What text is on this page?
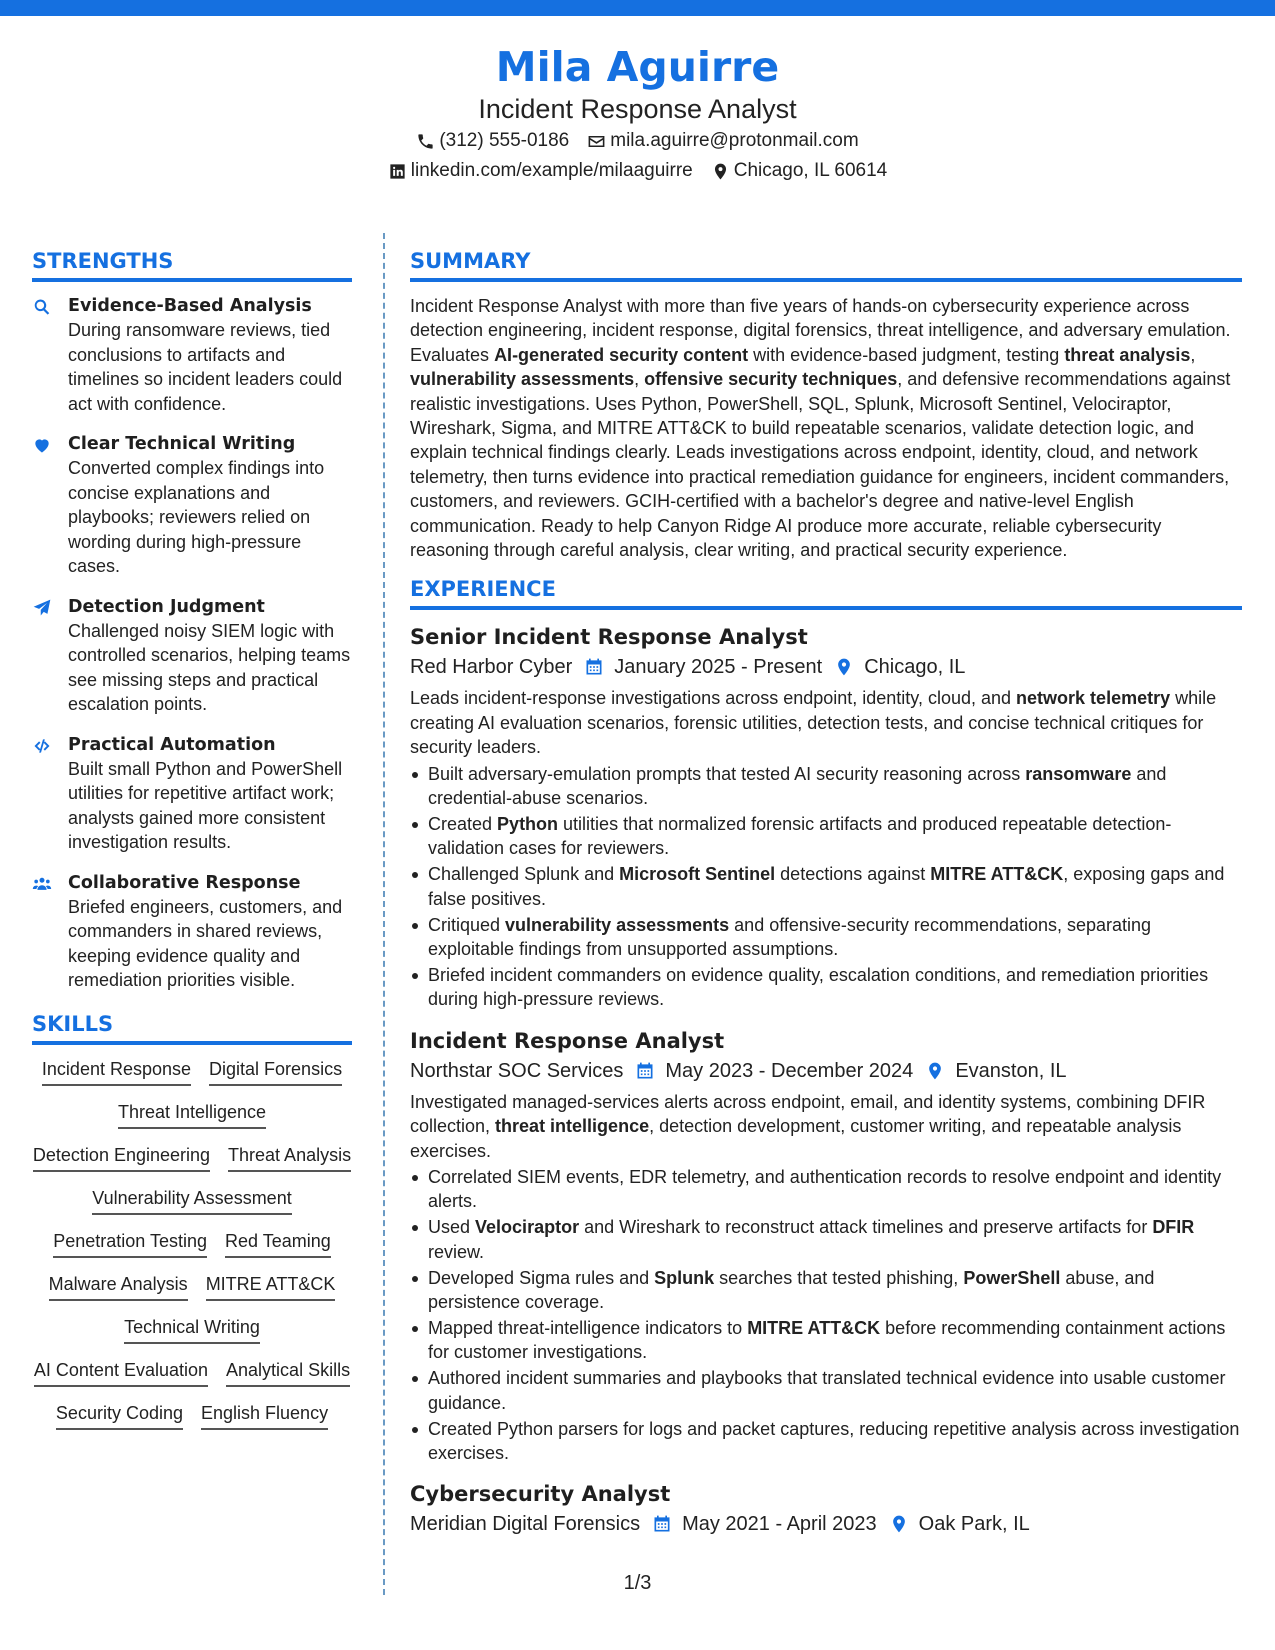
Mila Aguirre
Incident Response Analyst
(312) 555-0186 mila.aguirre@protonmail.com
linkedin.com/example/milaaguirre Chicago, IL 60614
STRENGTHS
Evidence-Based Analysis
During ransomware reviews, tied conclusions to artifacts and timelines so incident leaders could act with confidence.
Clear Technical Writing
Converted complex findings into concise explanations and playbooks; reviewers relied on wording during high-pressure cases.
Detection Judgment
Challenged noisy SIEM logic with controlled scenarios, helping teams see missing steps and practical escalation points.
Practical Automation
Built small Python and PowerShell utilities for repetitive artifact work; analysts gained more consistent investigation results.
Collaborative Response
Briefed engineers, customers, and commanders in shared reviews, keeping evidence quality and remediation priorities visible.
SKILLS
Incident Response Digital Forensics
Threat Intelligence
Detection Engineering Threat Analysis
Vulnerability Assessment
Penetration Testing Red Teaming
Malware Analysis MITRE ATT&CK
Technical Writing
AI Content Evaluation Analytical Skills
Security Coding English Fluency
SUMMARY

Incident Response Analyst with more than five years of hands-on cybersecurity experience across detection engineering, incident response, digital forensics, threat intelligence, and adversary emulation. Evaluates AI-generated security content with evidence-based judgment, testing threat analysis, vulnerability assessments, offensive security techniques, and defensive recommendations against realistic investigations. Uses Python, PowerShell, SQL, Splunk, Microsoft Sentinel, Velociraptor, Wireshark, Sigma, and MITRE ATT&CK to build repeatable scenarios, validate detection logic, and explain technical findings clearly. Leads investigations across endpoint, identity, cloud, and network telemetry, then turns evidence into practical remediation guidance for engineers, incident commanders, customers, and reviewers. GCIH-certified with a bachelor's degree and native-level English communication. Ready to help Canyon Ridge AI produce more accurate, reliable cybersecurity reasoning through careful analysis, clear writing, and practical security experience.

EXPERIENCE
Senior Incident Response Analyst
Red Harbor Cyber January 2025 - Present Chicago, IL

Leads incident-response investigations across endpoint, identity, cloud, and network telemetry while creating AI evaluation scenarios, forensic utilities, detection tests, and concise technical critiques for security leaders.

Built adversary-emulation prompts that tested AI security reasoning across ransomware and credential-abuse scenarios.
Created Python utilities that normalized forensic artifacts and produced repeatable detection-validation cases for reviewers.
Challenged Splunk and Microsoft Sentinel detections against MITRE ATT&CK, exposing gaps and false positives.
Critiqued vulnerability assessments and offensive-security recommendations, separating exploitable findings from unsupported assumptions.
Briefed incident commanders on evidence quality, escalation conditions, and remediation priorities during high-pressure reviews.
Incident Response Analyst
Northstar SOC Services May 2023 - December 2024 Evanston, IL

Investigated managed-services alerts across endpoint, email, and identity systems, combining DFIR collection, threat intelligence, detection development, customer writing, and repeatable analysis exercises.

Correlated SIEM events, EDR telemetry, and authentication records to resolve endpoint and identity alerts.
Used Velociraptor and Wireshark to reconstruct attack timelines and preserve artifacts for DFIR review.
Developed Sigma rules and Splunk searches that tested phishing, PowerShell abuse, and persistence coverage.
Mapped threat-intelligence indicators to MITRE ATT&CK before recommending containment actions for customer investigations.
Authored incident summaries and playbooks that translated technical evidence into usable customer guidance.
Created Python parsers for logs and packet captures, reducing repetitive analysis across investigation exercises.
Cybersecurity Analyst
Meridian Digital Forensics May 2021 - April 2023 Oak Park, IL
1/3
